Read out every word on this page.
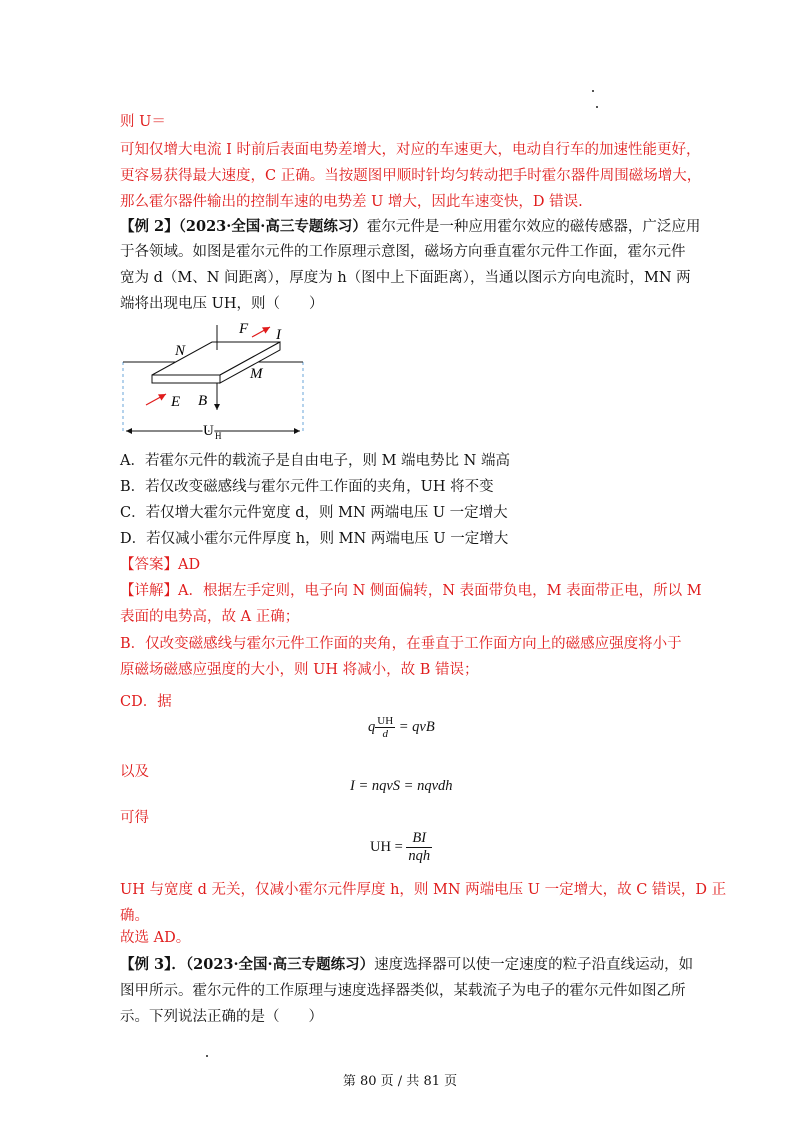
则 U＝
可知仅增大电流 I 时前后表面电势差增大，对应的车速更大，电动自行车的加速性能更好，
更容易获得最大速度，C 正确。当按题图甲顺时针均匀转动把手时霍尔器件周围磁场增大，
那么霍尔器件输出的控制车速的电势差 U 增大，因此车速变快，D 错误.
【例 2】（2023·全国·高三专题练习）霍尔元件是一种应用霍尔效应的磁传感器，广泛应用
于各领域。如图是霍尔元件的工作原理示意图，磁场方向垂直霍尔元件工作面，霍尔元件
宽为 d（M、N 间距离），厚度为 h（图中上下面距离），当通以图示方向电流时，MN 两
端将出现电压 UH，则（　　）
F I
N
M
E B
U H
A．若霍尔元件的载流子是自由电子，则 M 端电势比 N 端高
B．若仅改变磁感线与霍尔元件工作面的夹角，UH 将不变
C．若仅增大霍尔元件宽度 d，则 MN 两端电压 U 一定增大
D．若仅减小霍尔元件厚度 h，则 MN 两端电压 U 一定增大
【答案】AD
【详解】A．根据左手定则，电子向 N 侧面偏转，N 表面带负电，M 表面带正电，所以 M
表面的电势高，故 A 正确；
B．仅改变磁感线与霍尔元件工作面的夹角，在垂直于工作面方向上的磁感应强度将小于
原磁场磁感应强度的大小，则 UH 将减小，故 B 错误；
CD．据
q $\frac{UH}{d}$ = qvB
以及
I = nqvS = nqvdh
可得
UH = $\frac{BI}{\text{nqh}}$
UH 与宽度 d 无关，仅减小霍尔元件厚度 h，则 MN 两端电压 U 一定增大，故 C 错误，D 正
确。
故选 AD。
【例 3】．（2023·全国·高三专题练习）速度选择器可以使一定速度的粒子沿直线运动，如
图甲所示。霍尔元件的工作原理与速度选择器类似，某载流子为电子的霍尔元件如图乙所
示。下列说法正确的是（　　）
第 80 页 / 共 81 页
